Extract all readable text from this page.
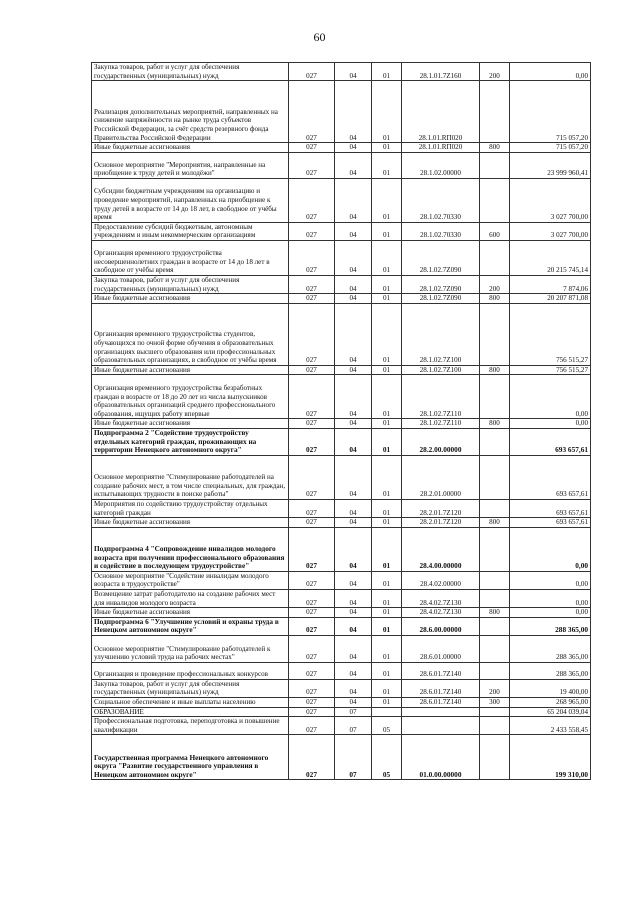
60
Закупка товаров, работ и услуг для обеспечения государственных (муниципальных) нужд	027	04	01	28.1.01.7Z160	200	0,00
Реализация дополнительных мероприятий, направленных на снижение напряжённости на рынке труда субъектов Российской Федерации, за счёт средств резервного фонда Правительства Российской Федерации	027	04	01	28.1.01.RП020		715 057,20
Иные бюджетные ассигнования	027	04	01	28.1.01.RП020	800	715 057,20
Основное мероприятие "Мероприятия, направленные на приобщение к труду детей и молодёжи"	027	04	01	28.1.02.00000		23 999 960,41
Субсидии бюджетным учреждениям на организацию и проведение мероприятий, направленных на приобщение к труду детей в возрасте от 14 до 18 лет, в свободное от учёбы время	027	04	01	28.1.02.70330		3 027 700,00
Предоставление субсидий бюджетным, автономным учреждениям и иным некоммерческим организациям	027	04	01	28.1.02.70330	600	3 027 700,00
Организация временного трудоустройства несовершеннолетних граждан в возрасте от 14 до 18 лет в свободное от учёбы время	027	04	01	28.1.02.7Z090		20 215 745,14
Закупка товаров, работ и услуг для обеспечения государственных (муниципальных) нужд	027	04	01	28.1.02.7Z090	200	7 874,06
Иные бюджетные ассигнования	027	04	01	28.1.02.7Z090	800	20 207 871,08
Организация временного трудоустройства студентов, обучающихся по очной форме обучения в образовательных организациях высшего образования или профессиональных образовательных организациях, в свободное от учёбы время	027	04	01	28.1.02.7Z100		756 515,27
Иные бюджетные ассигнования	027	04	01	28.1.02.7Z100	800	756 515,27
Организация временного трудоустройства безработных граждан в возрасте от 18 до 20 лет из числа выпускников образовательных организаций среднего профессионального образования, ищущих работу впервые	027	04	01	28.1.02.7Z110		0,00
Иные бюджетные ассигнования	027	04	01	28.1.02.7Z110	800	0,00
Подпрограмма 2 "Содействие трудоустройству отдельных категорий граждан, проживающих на территории Ненецкого автономного округа"	027	04	01	28.2.00.00000		693 657,61
Основное мероприятие "Стимулирование работодателей на создание рабочих мест, в том числе специальных, для граждан, испытывающих трудности в поиске работы"	027	04	01	28.2.01.00000		693 657,61
Мероприятия по содействию трудоустройству отдельных категорий граждан	027	04	01	28.2.01.7Z120		693 657,61
Иные бюджетные ассигнования	027	04	01	28.2.01.7Z120	800	693 657,61
Подпрограмма 4 "Сопровождение инвалидов молодого возраста при получении профессионального образования и содействие в последующем трудоустройстве"	027	04	01	28.4.00.00000		0,00
Основное мероприятие "Содействие инвалидам молодого возраста в трудоустройстве"	027	04	01	28.4.02.00000		0,00
Возмещение затрат работодателю на создание рабочих мест для инвалидов молодого возраста	027	04	01	28.4.02.7Z130		0,00
Иные бюджетные ассигнования	027	04	01	28.4.02.7Z130	800	0,00
Подпрограмма 6 "Улучшение условий и охраны труда в Ненецком автономном округе"	027	04	01	28.6.00.00000		288 365,00
Основное мероприятие "Стимулирование работодателей к улучшению условий труда на рабочих местах"	027	04	01	28.6.01.00000		288 365,00
Организация и проведение профессиональных конкурсов	027	04	01	28.6.01.7Z140		288 365,00
Закупка товаров, работ и услуг для обеспечения государственных (муниципальных) нужд	027	04	01	28.6.01.7Z140	200	19 400,00
Социальное обеспечение и иные выплаты населению	027	04	01	28.6.01.7Z140	300	268 965,00
ОБРАЗОВАНИЕ	027	07				65 204 039,04
Профессиональная подготовка, переподготовка и повышение квалификации	027	07	05			2 433 558,45
Государственная программа Ненецкого автономного округа "Развитие государственного управления в Ненецком автономном округе"	027	07	05	01.0.00.00000		199 310,00
